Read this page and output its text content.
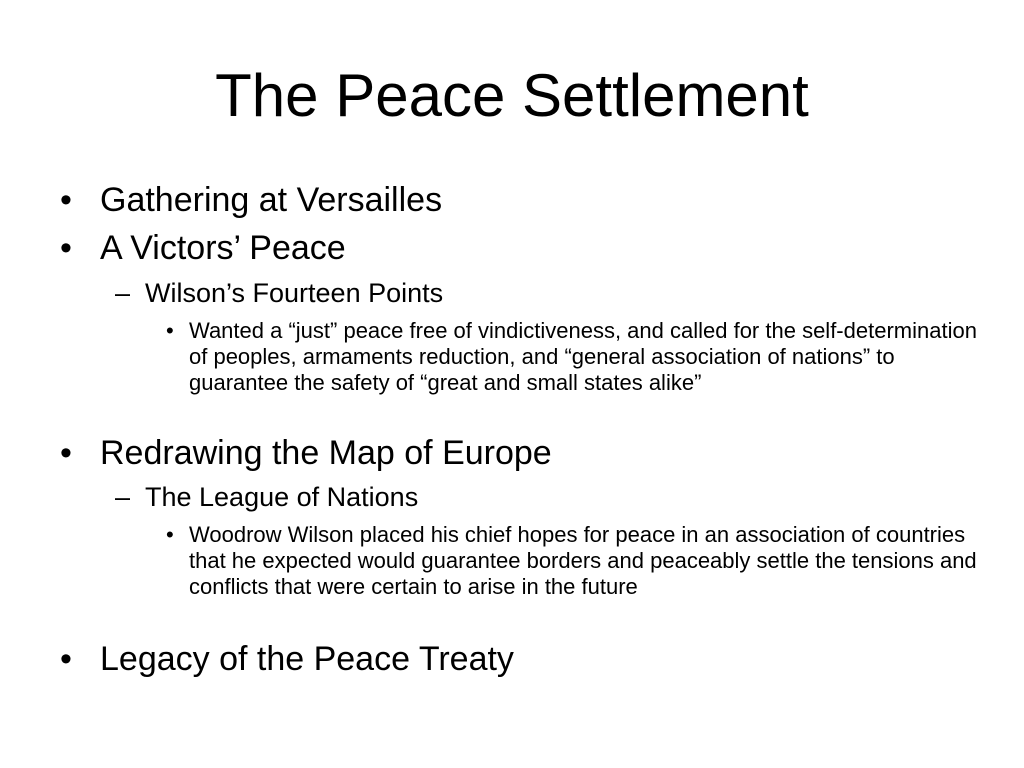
The Peace Settlement
• Gathering at Versailles
• A Victors’ Peace
– Wilson’s Fourteen Points
• Wanted a “just” peace free of vindictiveness, and called for the self-determination of peoples, armaments reduction, and “general association of nations” to guarantee the safety of “great and small states alike”
• Redrawing the Map of Europe
– The League of Nations
• Woodrow Wilson placed his chief hopes for peace in an association of countries that he expected would guarantee borders and peaceably settle the tensions and conflicts that were certain to arise in the future
• Legacy of the Peace Treaty
